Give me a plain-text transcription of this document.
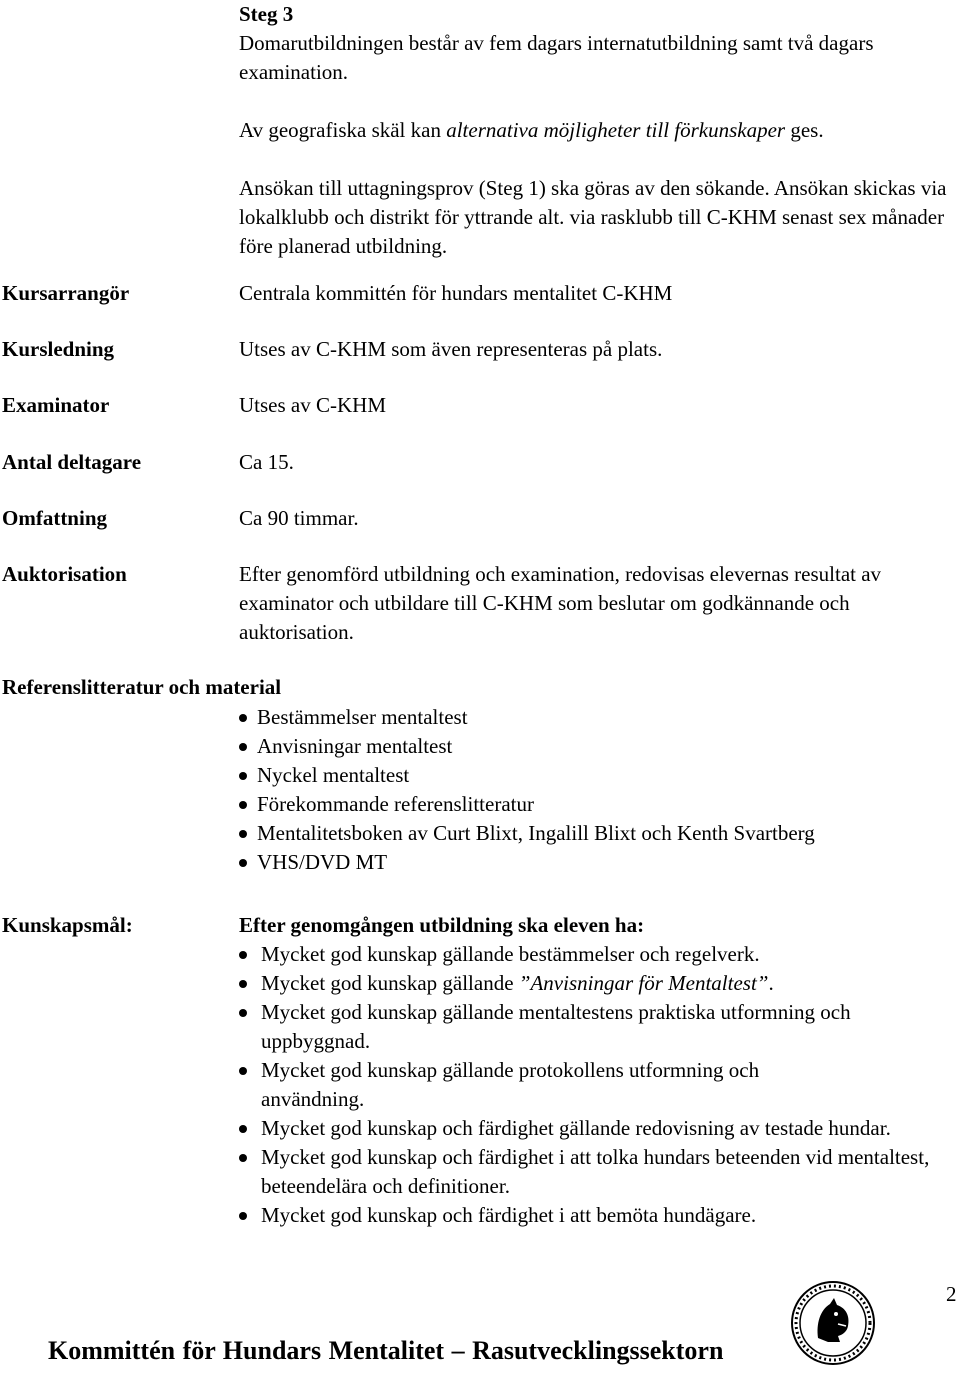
Steg 3
Domarutbildningen består av fem dagars internatutbildning samt två dagars examination.
Av geografiska skäl kan alternativa möjligheter till förkunskaper ges.
Ansökan till uttagningsprov (Steg 1) ska göras av den sökande. Ansökan skickas via lokalklubb och distrikt för yttrande alt. via rasklubb till C-KHM senast sex månader före planerad utbildning.
Kursarrangör	Centrala kommittén för hundars mentalitet C-KHM
Kursledning	Utses av C-KHM som även representeras på plats.
Examinator	Utses av C-KHM
Antal deltagare	Ca 15.
Omfattning	Ca 90 timmar.
Auktorisation	Efter genomförd utbildning och examination, redovisas elevernas resultat av examinator och utbildare till C-KHM som beslutar om godkännande och auktorisation.
Referenslitteratur och material
Bestämmelser mentaltest
Anvisningar mentaltest
Nyckel mentaltest
Förekommande referenslitteratur
Mentalitetsboken av Curt Blixt, Ingalill Blixt och Kenth Svartberg
VHS/DVD MT
Kunskapsmål:	Efter genomgången utbildning ska eleven ha:
Mycket god kunskap gällande bestämmelser och regelverk.
Mycket god kunskap gällande ”Anvisningar för Mentaltest”.
Mycket god kunskap gällande mentaltestens praktiska utformning och uppbyggnad.
Mycket god kunskap gällande protokollens utformning och användning.
Mycket god kunskap och färdighet gällande redovisning av testade hundar.
Mycket god kunskap och färdighet i att tolka hundars beteenden vid mentaltest, beteendelära och definitioner.
Mycket god kunskap och färdighet i att bemöta hundägare.
2
Kommittén för Hundars Mentalitet – Rasutvecklingssektorn
